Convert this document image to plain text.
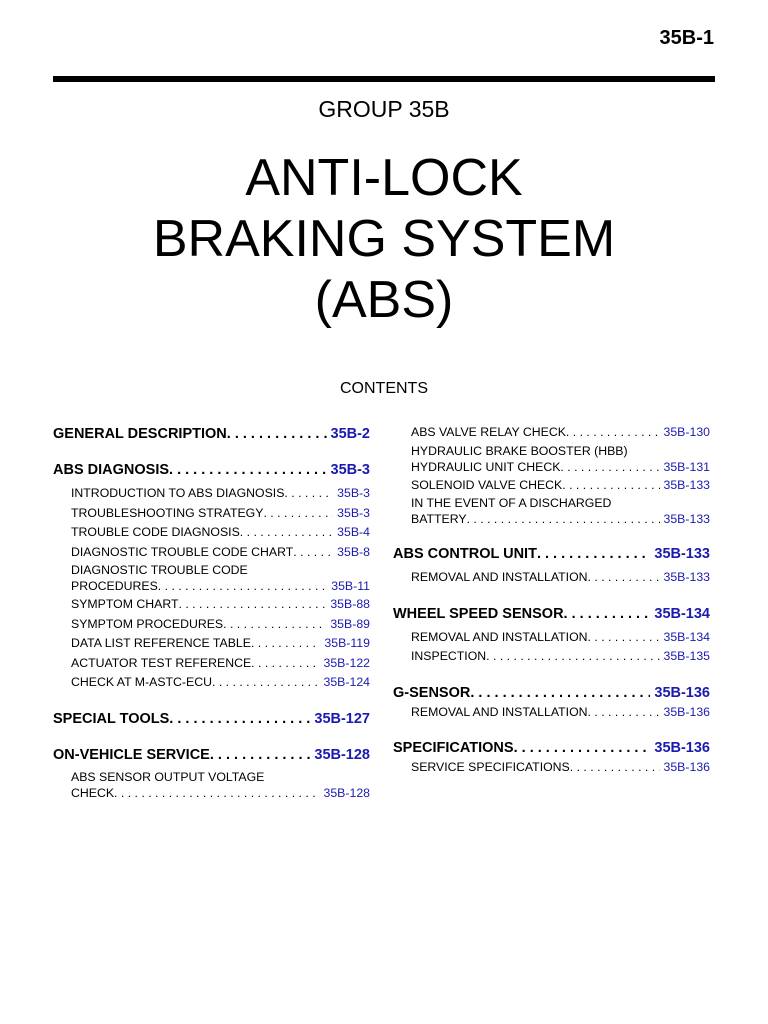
35B-1
GROUP 35B
ANTI-LOCK
BRAKING SYSTEM
(ABS)
CONTENTS
GENERAL DESCRIPTION . . .	35B-2
ABS DIAGNOSIS . . .	35B-3
INTRODUCTION TO ABS DIAGNOSIS . . .	35B-3
TROUBLESHOOTING STRATEGY . . .	35B-3
TROUBLE CODE DIAGNOSIS . . .	35B-4
DIAGNOSTIC TROUBLE CODE CHART . . .	35B-8
DIAGNOSTIC TROUBLE CODE
PROCEDURES . . .	35B-11
SYMPTOM CHART . . .	35B-88
SYMPTOM PROCEDURES . . .	35B-89
DATA LIST REFERENCE TABLE . . .	35B-119
ACTUATOR TEST REFERENCE . . .	35B-122
CHECK AT M-ASTC-ECU . . .	35B-124
SPECIAL TOOLS . . .	35B-127
ON-VEHICLE SERVICE . . .	35B-128
ABS SENSOR OUTPUT VOLTAGE
CHECK . . .	35B-128
ABS VALVE RELAY CHECK . . .	35B-130
HYDRAULIC BRAKE BOOSTER (HBB)
HYDRAULIC UNIT CHECK . . .	35B-131
SOLENOID VALVE CHECK . . .	35B-133
IN THE EVENT OF A DISCHARGED
BATTERY . . .	35B-133
ABS CONTROL UNIT . . .	35B-133
REMOVAL AND INSTALLATION . . .	35B-133
WHEEL SPEED SENSOR . . .	35B-134
REMOVAL AND INSTALLATION . . .	35B-134
INSPECTION . . .	35B-135
G-SENSOR . . .	35B-136
REMOVAL AND INSTALLATION . . .	35B-136
SPECIFICATIONS . . .	35B-136
SERVICE SPECIFICATIONS . . .	35B-136
